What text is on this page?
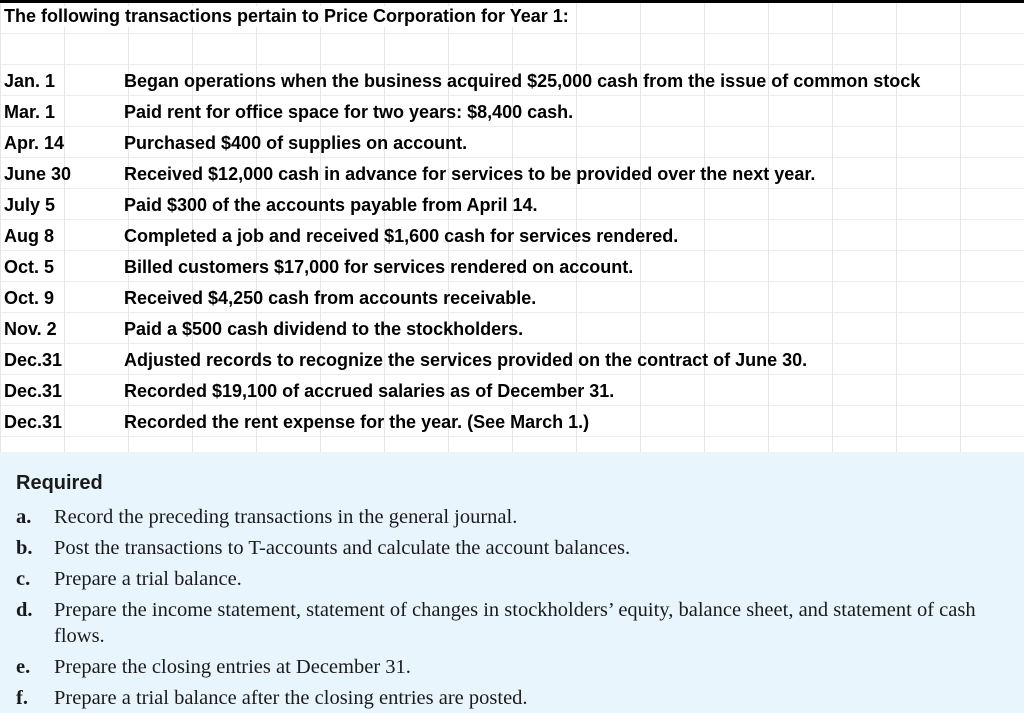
The following transactions pertain to Price Corporation for Year 1:
Jan. 1	Began operations when the business acquired $25,000 cash from the issue of common stock
Mar. 1	Paid rent for office space for two years: $8,400 cash.
Apr. 14	Purchased $400 of supplies on account.
June 30	Received $12,000 cash in advance for services to be provided over the next year.
July 5	Paid $300 of the accounts payable from April 14.
Aug 8	Completed a job and received $1,600 cash for services rendered.
Oct. 5	Billed customers $17,000 for services rendered on account.
Oct. 9	Received $4,250 cash from accounts receivable.
Nov. 2	Paid a $500 cash dividend to the stockholders.
Dec.31	Adjusted records to recognize the services provided on the contract of June 30.
Dec.31	Recorded $19,100 of accrued salaries as of December 31.
Dec.31	Recorded the rent expense for the year. (See March 1.)
Required
a. Record the preceding transactions in the general journal.
b. Post the transactions to T-accounts and calculate the account balances.
c. Prepare a trial balance.
d. Prepare the income statement, statement of changes in stockholders’ equity, balance sheet, and statement of cash flows.
e. Prepare the closing entries at December 31.
f. Prepare a trial balance after the closing entries are posted.
